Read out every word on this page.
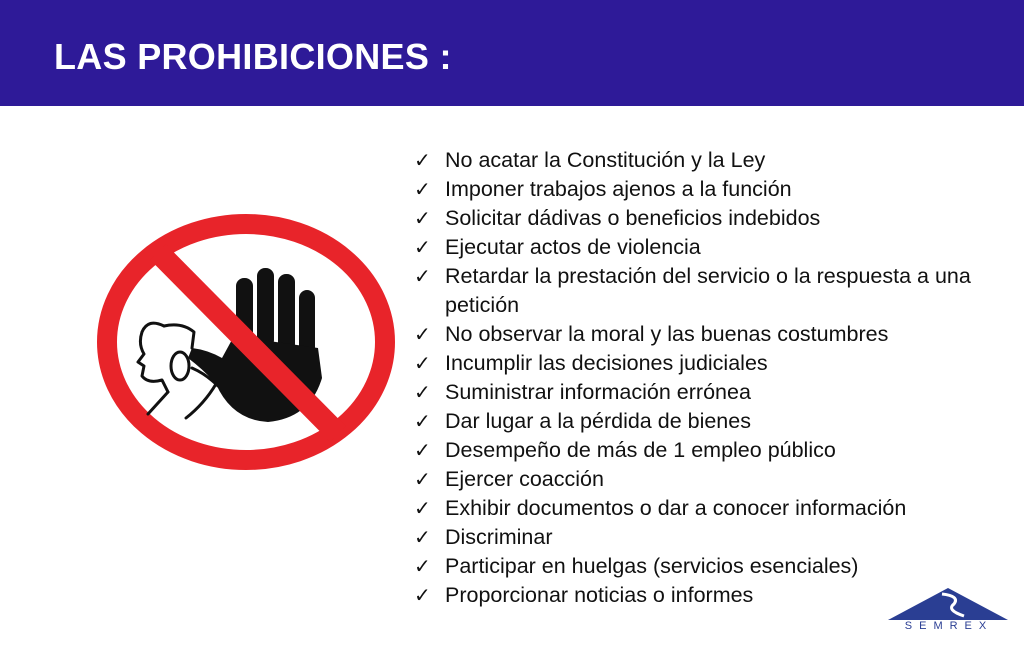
LAS PROHIBICIONES :
✓ No acatar la Constitución y la Ley
✓ Imponer trabajos ajenos a la función
✓ Solicitar dádivas o beneficios indebidos
✓ Ejecutar actos de violencia
✓ Retardar la prestación del servicio o la respuesta a una petición
✓ No observar la moral y las buenas costumbres
✓ Incumplir las decisiones judiciales
✓ Suministrar información errónea
✓ Dar lugar a la pérdida de bienes
✓ Desempeño de más de 1 empleo público
✓ Ejercer coacción
✓ Exhibir documentos o dar a conocer información
✓ Discriminar
✓ Participar en huelgas (servicios esenciales)
✓ Proporcionar noticias o informes
SEMREX
